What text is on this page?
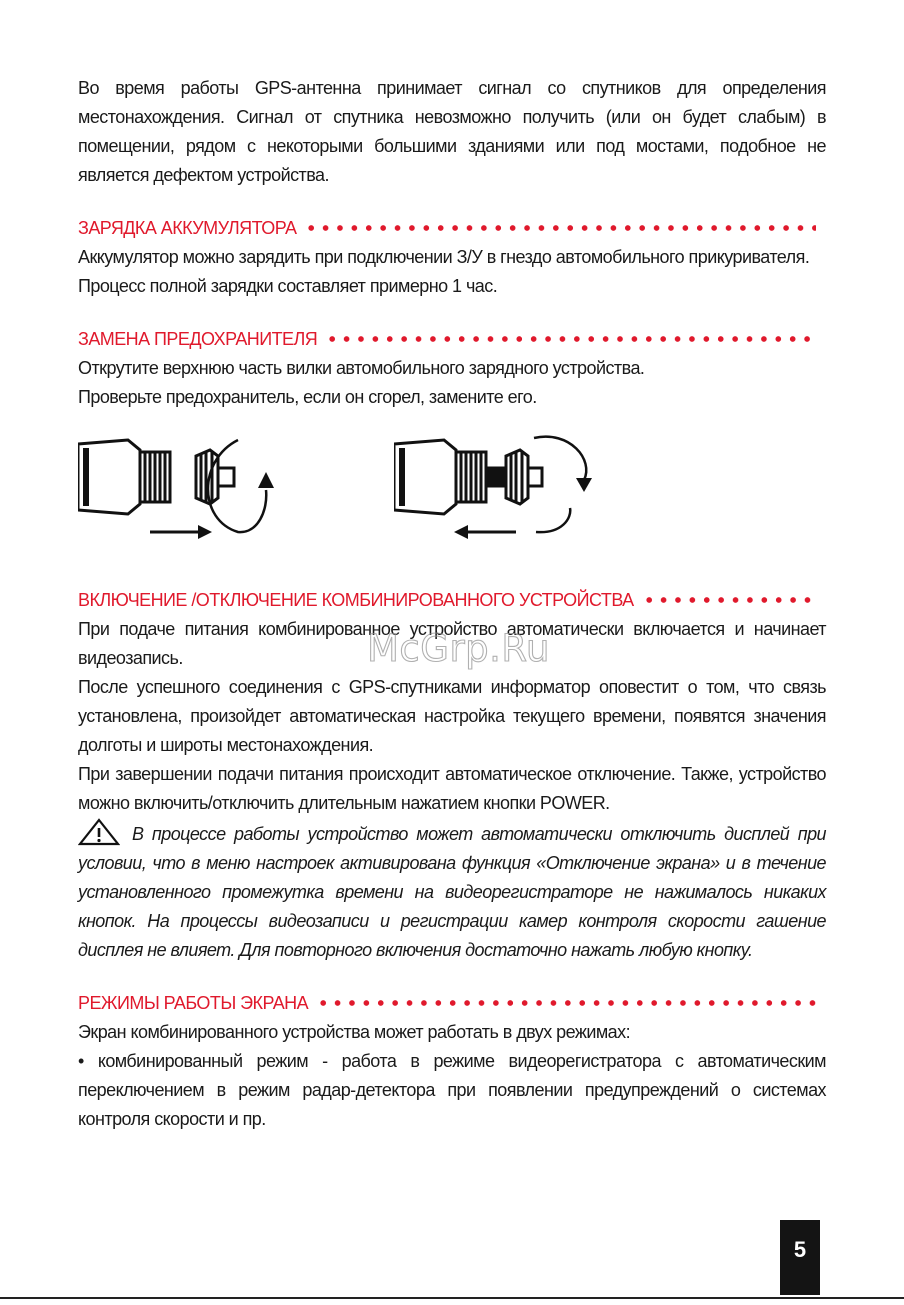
Во время работы GPS-антенна принимает сигнал со спутников для определения местонахождения. Сигнал от спутника невозможно получить (или он будет слабым) в помещении, рядом с некоторыми большими зданиями или под мостами, подобное не является дефектом устройства.

ЗАРЯДКА АККУМУЛЯТОРА

Аккумулятор можно зарядить при подключении З/У в гнездо автомобильного прикуривателя.

Процесс полной зарядки составляет примерно 1 час.

ЗАМЕНА ПРЕДОХРАНИТЕЛЯ

Открутите верхнюю часть вилки автомобильного зарядного устройства.

Проверьте предохранитель, если он сгорел, замените его.

ВКЛЮЧЕНИЕ /ОТКЛЮЧЕНИЕ КОМБИНИРОВАННОГО УСТРОЙСТВА

При подаче питания комбинированное устройство автоматически включается и начинает видеозапись.

После успешного соединения с GPS-спутниками информатор оповестит о том, что связь установлена, произойдет автоматическая настройка текущего времени, появятся значения долготы и широты местонахождения.

При завершении подачи питания происходит автоматическое отключение. Также, устройство можно включить/отключить длительным нажатием кнопки POWER.

В процессе работы устройство может автоматически отключить дисплей при условии, что в меню настроек активирована функция «Отключение экрана» и в течение установленного промежутка времени на видеорегистраторе не нажималось никаких кнопок. На процессы видеозаписи и регистрации камер контроля скорости гашение дисплея не влияет. Для повторного включения достаточно нажать любую кнопку.

РЕЖИМЫ РАБОТЫ ЭКРАНА

Экран комбинированного устройства может работать в двух режимах:

• комбинированный режим - работа в режиме видеорегистратора с автоматическим переключением в режим радар-детектора при появлении предупреждений о системах контроля скорости и пр.

McGrp.Ru
5
